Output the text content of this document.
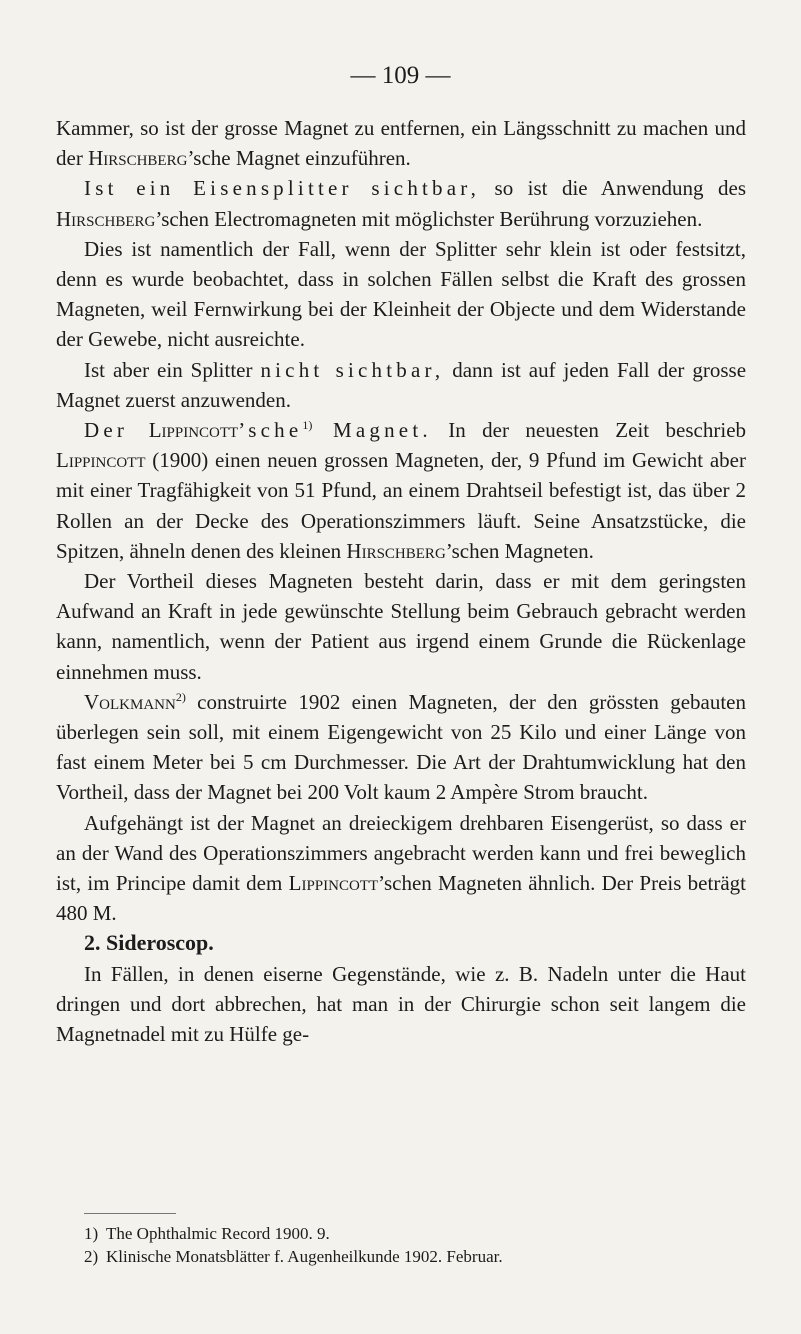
— 109 —

Kammer, so ist der grosse Magnet zu entfernen, ein Längsschnitt zu machen und der Hirschberg’sche Magnet einzuführen.

Ist ein Eisensplitter sichtbar, so ist die Anwendung des Hirschberg’schen Electromagneten mit möglichster Berührung vorzuziehen.

Dies ist namentlich der Fall, wenn der Splitter sehr klein ist oder festsitzt, denn es wurde beobachtet, dass in solchen Fällen selbst die Kraft des grossen Magneten, weil Fernwirkung bei der Kleinheit der Objecte und dem Widerstande der Gewebe, nicht ausreichte.

Ist aber ein Splitter nicht sichtbar, dann ist auf jeden Fall der grosse Magnet zuerst anzuwenden.

Der Lippincott’sche$^{1)}$ Magnet. In der neuesten Zeit beschrieb Lippincott (1900) einen neuen grossen Magneten, der, 9 Pfund im Gewicht aber mit einer Tragfähigkeit von 51 Pfund, an einem Drahtseil befestigt ist, das über 2 Rollen an der Decke des Operationszimmers läuft. Seine Ansatzstücke, die Spitzen, ähneln denen des kleinen Hirschberg’schen Magneten.

Der Vortheil dieses Magneten besteht darin, dass er mit dem geringsten Aufwand an Kraft in jede gewünschte Stellung beim Gebrauch gebracht werden kann, namentlich, wenn der Patient aus irgend einem Grunde die Rückenlage einnehmen muss.

Volkmann$^{2)}$ construirte 1902 einen Magneten, der den grössten gebauten überlegen sein soll, mit einem Eigengewicht von 25 Kilo und einer Länge von fast einem Meter bei 5 cm Durchmesser. Die Art der Drahtumwicklung hat den Vortheil, dass der Magnet bei 200 Volt kaum 2 Ampère Strom braucht.

Aufgehängt ist der Magnet an dreieckigem drehbaren Eisengerüst, so dass er an der Wand des Operationszimmers angebracht werden kann und frei beweglich ist, im Principe damit dem Lippincott’schen Magneten ähnlich. Der Preis beträgt 480 M.

2. Sideroscop.

In Fällen, in denen eiserne Gegenstände, wie z. B. Nadeln unter die Haut dringen und dort abbrechen, hat man in der Chirurgie schon seit langem die Magnetnadel mit zu Hülfe ge-

1) The Ophthalmic Record 1900. 9.
2) Klinische Monatsblätter f. Augenheilkunde 1902. Februar.
